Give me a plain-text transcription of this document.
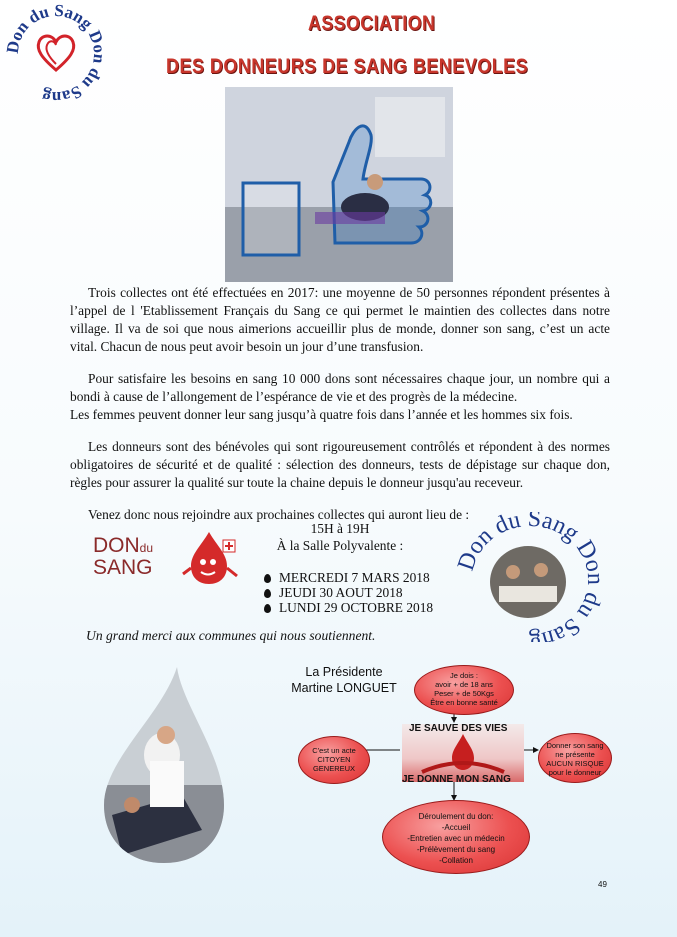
on du Sang D du Sang
ASSOCIATION
DES DONNEURS DE SANG BENEVOLES

Trois collectes ont été effectuées en 2017: une moyenne de 50 personnes répondent présentes à l’appel de l 'Etablissement Français du Sang ce qui permet le maintien des collectes dans notre village. Il va de soi que nous aimerions accueillir plus de monde, donner son sang, c’est un acte vital. Chacun de nous peut avoir besoin un jour d’une transfusion.

Pour satisfaire les besoins en sang 10 000 dons sont nécessaires chaque jour, un nombre qui a bondi à cause de l’allongement de l’espérance de vie et des progrès de la médecine.

Les femmes peuvent donner leur sang jusqu’à quatre fois dans l’année et les hommes six fois.

Les donneurs sont des bénévoles qui sont rigoureusement contrôlés et répondent à des normes obligatoires de sécurité et de qualité : sélection des donneurs, tests de dépistage sur chaque don, règles pour assurer la qualité sur toute la chaine depuis le donneur jusqu'au receveur.

Venez donc nous rejoindre aux prochaines collectes qui auront lieu de :

DONdu
SANG
15H à 19H
À la Salle Polyvalente :
MERCREDI 7 MARS 2018
JEUDI 30 AOUT 2018
LUNDI 29 OCTOBRE 2018
Don du Sang Do du Sang
Un grand merci aux communes qui nous soutiennent.
La Présidente
Martine LONGUET
Je dois :
avoir + de 18 ans
Peser + de 50Kgs
Être en bonne santé
C'est un acte
CITOYEN
GENEREUX
Donner son sang
ne présente
AUCUN RISQUE
pour le donneur
Déroulement du don:
-Accueil
-Entretien avec un médecin
-Prélèvement du sang
-Collation
JE SAUVE DES VIES
JE DONNE MON SANG
49
